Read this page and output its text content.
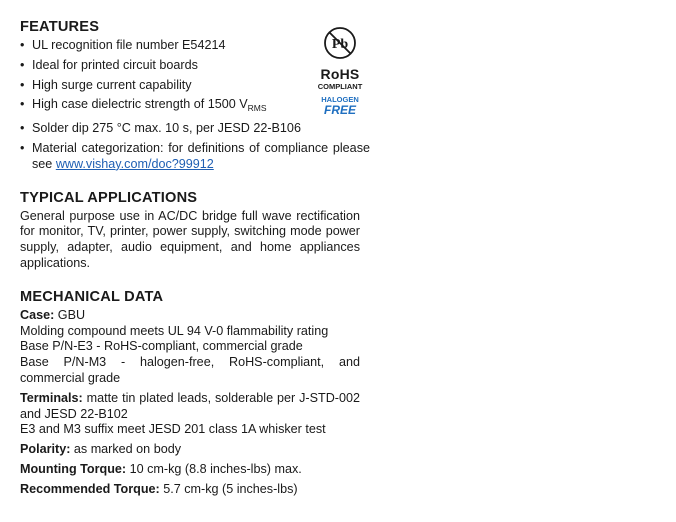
FEATURES
• UL recognition file number E54214
• Ideal for printed circuit boards
• High surge current capability
• High case dielectric strength of 1500 $V_{RMS}$
• Solder dip 275 °C max. 10 s, per JESD 22-B106
• Material categorization: for definitions of compliance please see www.vishay.com/doc?99912
TYPICAL APPLICATIONS
General purpose use in AC/DC bridge full wave rectification for monitor, TV, printer, power supply, switching mode power supply, adapter, audio equipment, and home appliances applications.
MECHANICAL DATA
Case: GBU
Molding compound meets UL 94 V-0 flammability rating
Base P/N-E3 - RoHS-compliant, commercial grade
Base P/N-M3 - halogen-free, RoHS-compliant, and commercial grade
Terminals: matte tin plated leads, solderable per J-STD-002 and JESD 22-B102
E3 and M3 suffix meet JESD 201 class 1A whisker test
Polarity: as marked on body
Mounting Torque: 10 cm-kg (8.8 inches-lbs) max.
Recommended Torque: 5.7 cm-kg (5 inches-lbs)
Pb
RoHS
COMPLIANT
HALOGEN
FREE
